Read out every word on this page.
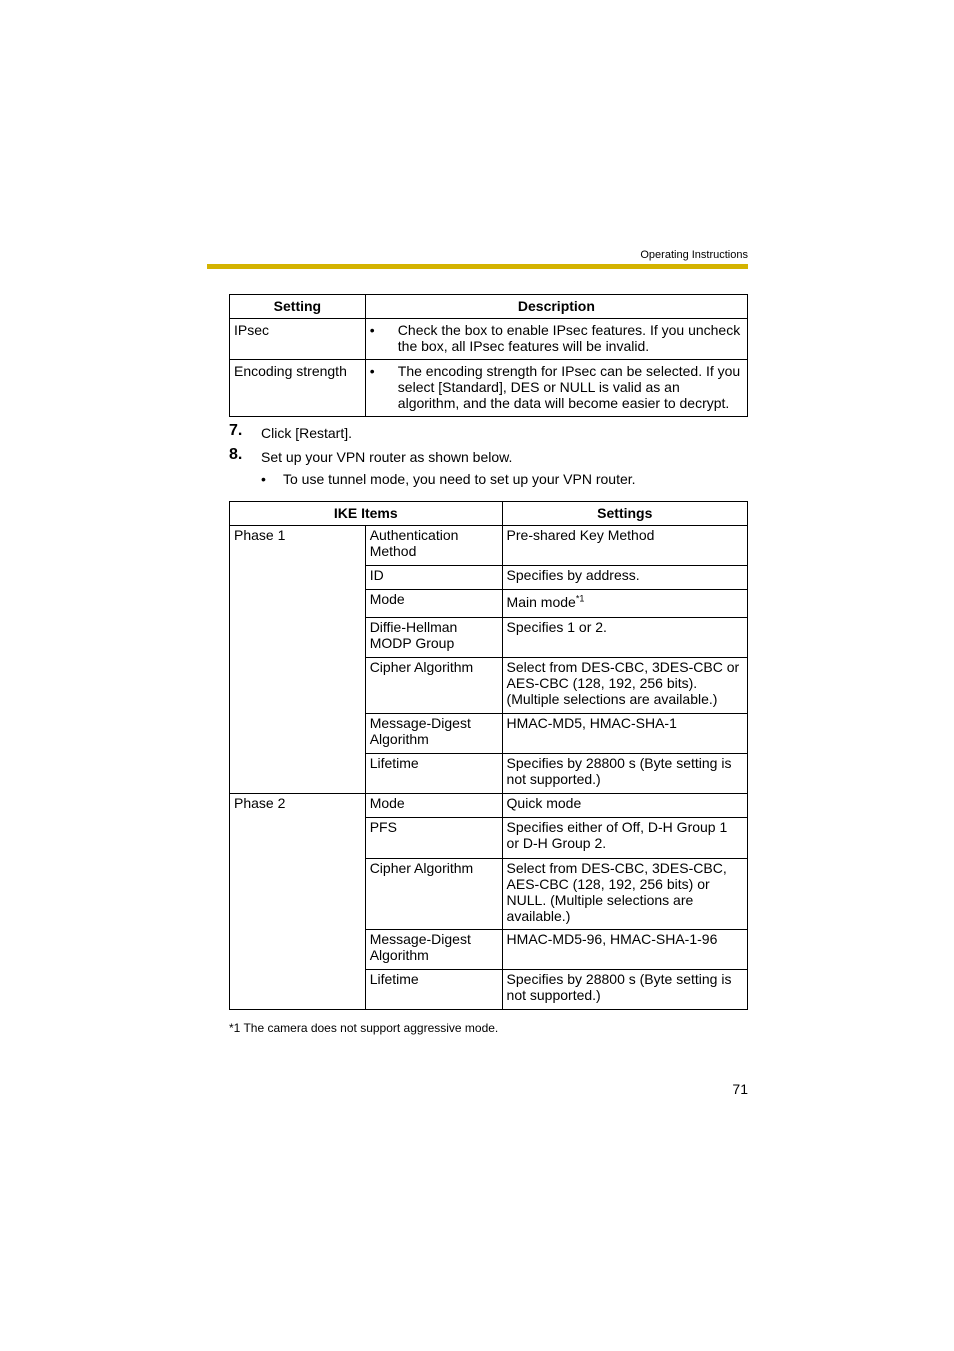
Operating Instructions
Setting	Description
IPsec	• Check the box to enable IPsec features. If you uncheck the box, all IPsec features will be invalid.
Encoding strength	• The encoding strength for IPsec can be selected. If you select [Standard], DES or NULL is valid as an algorithm, and the data will become easier to decrypt.
7. Click [Restart].
8. Set up your VPN router as shown below.
• To use tunnel mode, you need to set up your VPN router.
IKE Items		Settings
Phase 1	Authentication Method	Pre-shared Key Method
	ID	Specifies by address.
	Mode	Main mode$^{*1}$
	Diffie-Hellman MODP Group	Specifies 1 or 2.
	Cipher Algorithm	Select from DES-CBC, 3DES-CBC or AES-CBC (128, 192, 256 bits). (Multiple selections are available.)
	Message-Digest Algorithm	HMAC-MD5, HMAC-SHA-1
	Lifetime	Specifies by 28800 s (Byte setting is not supported.)
Phase 2	Mode	Quick mode
	PFS	Specifies either of Off, D-H Group 1 or D-H Group 2.
	Cipher Algorithm	Select from DES-CBC, 3DES-CBC, AES-CBC (128, 192, 256 bits) or NULL. (Multiple selections are available.)
	Message-Digest Algorithm	HMAC-MD5-96, HMAC-SHA-1-96
	Lifetime	Specifies by 28800 s (Byte setting is not supported.)
*1 The camera does not support aggressive mode.
71
